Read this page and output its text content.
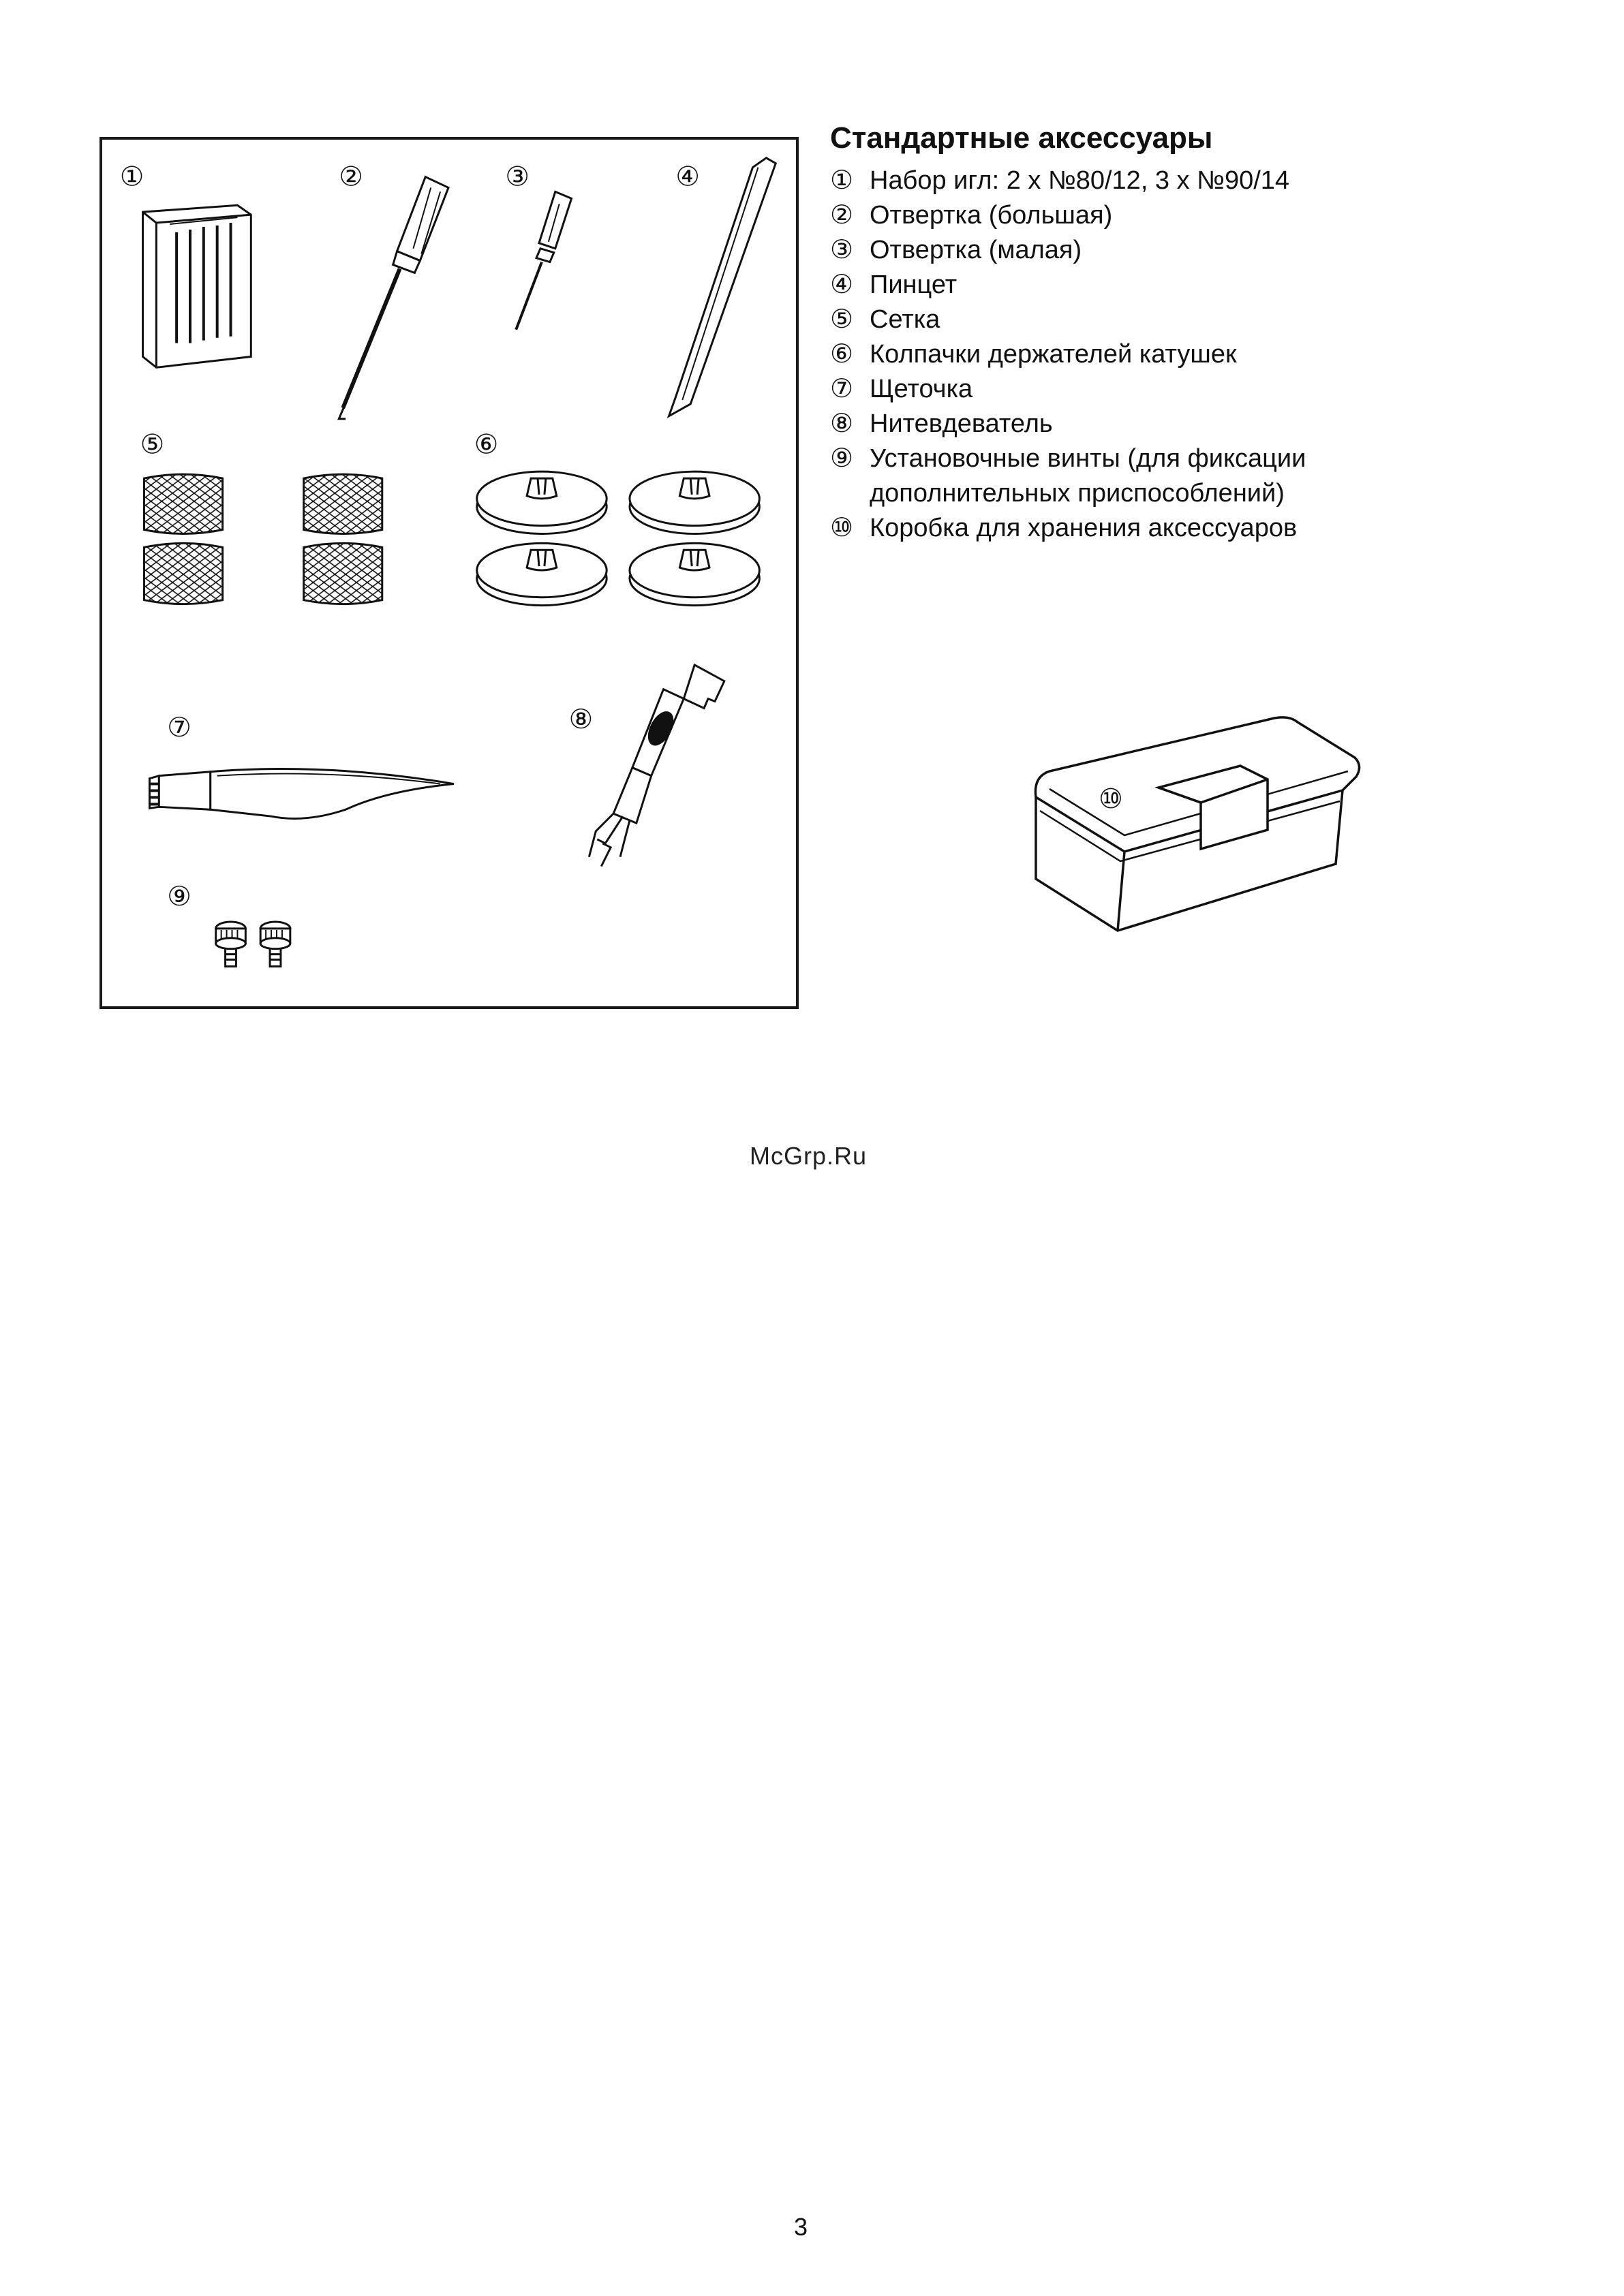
①	②	③	④
⑤	⑥
⑦	⑧
⑨
Стандартные аксессуары
① Набор игл: 2 х №80/12, 3 х №90/14
② Отвертка (большая)
③ Отвертка (малая)
④ Пинцет
⑤ Сетка
⑥ Колпачки держателей катушек
⑦ Щеточка
⑧ Нитевдеватель
⑨ Установочные винты (для фиксации дополнительных приспособлений)
⑩ Коробка для хранения аксессуаров
⑩
McGrp.Ru
3
